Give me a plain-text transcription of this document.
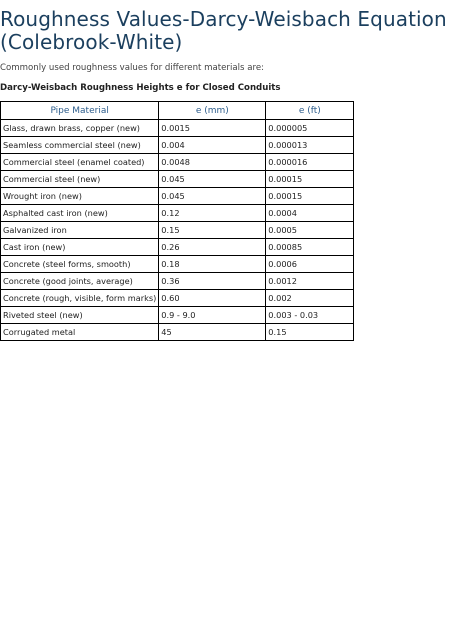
Roughness Values-Darcy-Weisbach Equation (Colebrook-White)

Commonly used roughness values for different materials are:

Darcy-Weisbach Roughness Heights e for Closed Conduits

Pipe Material	e (mm)	e (ft)
Glass, drawn brass, copper (new)	0.0015	0.000005
Seamless commercial steel (new)	0.004	0.000013
Commercial steel (enamel coated)	0.0048	0.000016
Commercial steel (new)	0.045	0.00015
Wrought iron (new)	0.045	0.00015
Asphalted cast iron (new)	0.12	0.0004
Galvanized iron	0.15	0.0005
Cast iron (new)	0.26	0.00085
Concrete (steel forms, smooth)	0.18	0.0006
Concrete (good joints, average)	0.36	0.0012
Concrete (rough, visible, form marks)	0.60	0.002
Riveted steel (new)	0.9 - 9.0	0.003 - 0.03
Corrugated metal	45	0.15
